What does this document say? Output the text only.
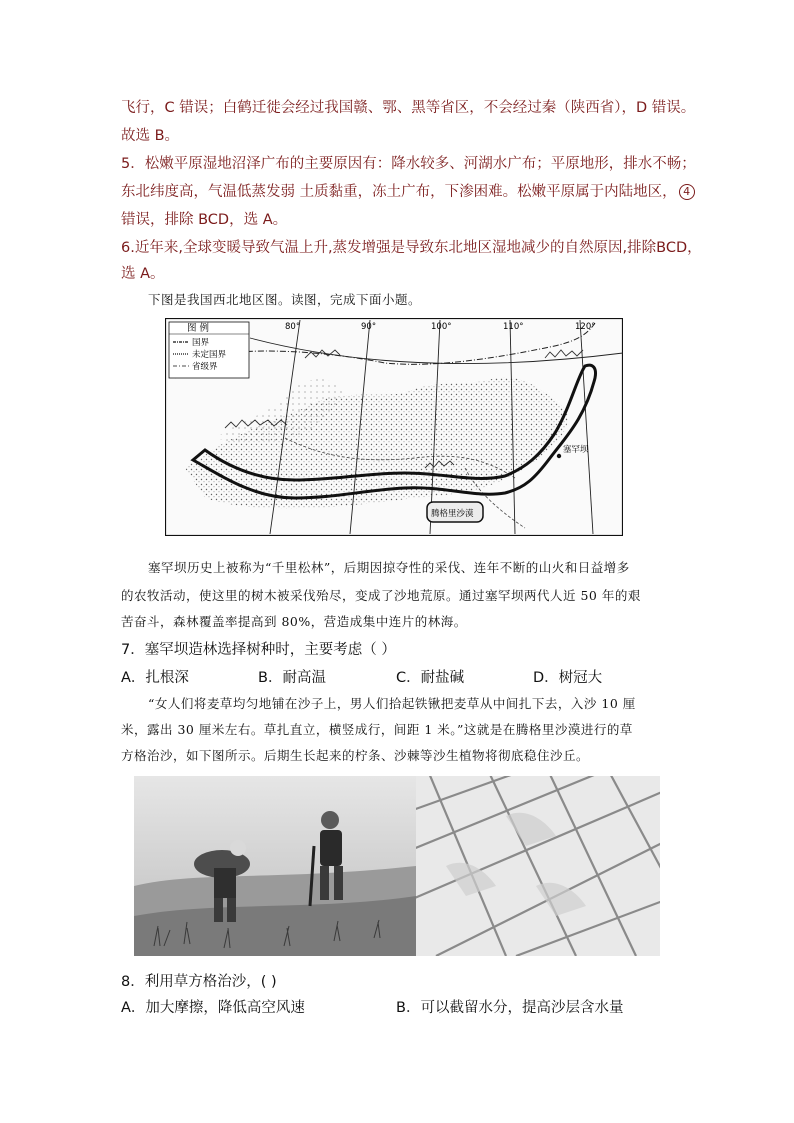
飞行，C 错误；白鹤迁徙会经过我国赣、鄂、黑等省区，不会经过秦（陕西省），D 错误。
故选 B。
5．松嫩平原湿地沼泽广布的主要原因有：降水较多、河湖水广布；平原地形，排水不畅；
东北纬度高，气温低蒸发弱 土质黏重，冻土广布，下渗困难。松嫩平原属于内陆地区， 4
错误，排除 BCD，选 A。
6.近年来,全球变暖导致气温上升,蒸发增强是导致东北地区湿地减少的自然原因,排除BCD，
选 A。
下图是我国西北地区图。读图，完成下面小题。
图 例
国界
未定国界
省级界
80°	90°	100°	110°	120°
塞罕坝
腾格里沙漠
塞罕坝历史上被称为“千里松林”，后期因掠夺性的采伐、连年不断的山火和日益增多
的农牧活动，使这里的树木被采伐殆尽，变成了沙地荒原。通过塞罕坝两代人近 50 年的艰
苦奋斗，森林覆盖率提高到 80%，营造成集中连片的林海。
7．塞罕坝造林选择树种时，主要考虑（ ）
A．扎根深	B．耐高温	C．耐盐碱	D．树冠大
“女人们将麦草均匀地铺在沙子上，男人们拾起铁锹把麦草从中间扎下去，入沙 10 厘
米，露出 30 厘米左右。草扎直立，横竖成行，间距 1 米。”这就是在腾格里沙漠进行的草
方格治沙，如下图所示。后期生长起来的柠条、沙棘等沙生植物将彻底稳住沙丘。
8．利用草方格治沙，( )
A．加大摩擦，降低高空风速	B．可以截留水分，提高沙层含水量
